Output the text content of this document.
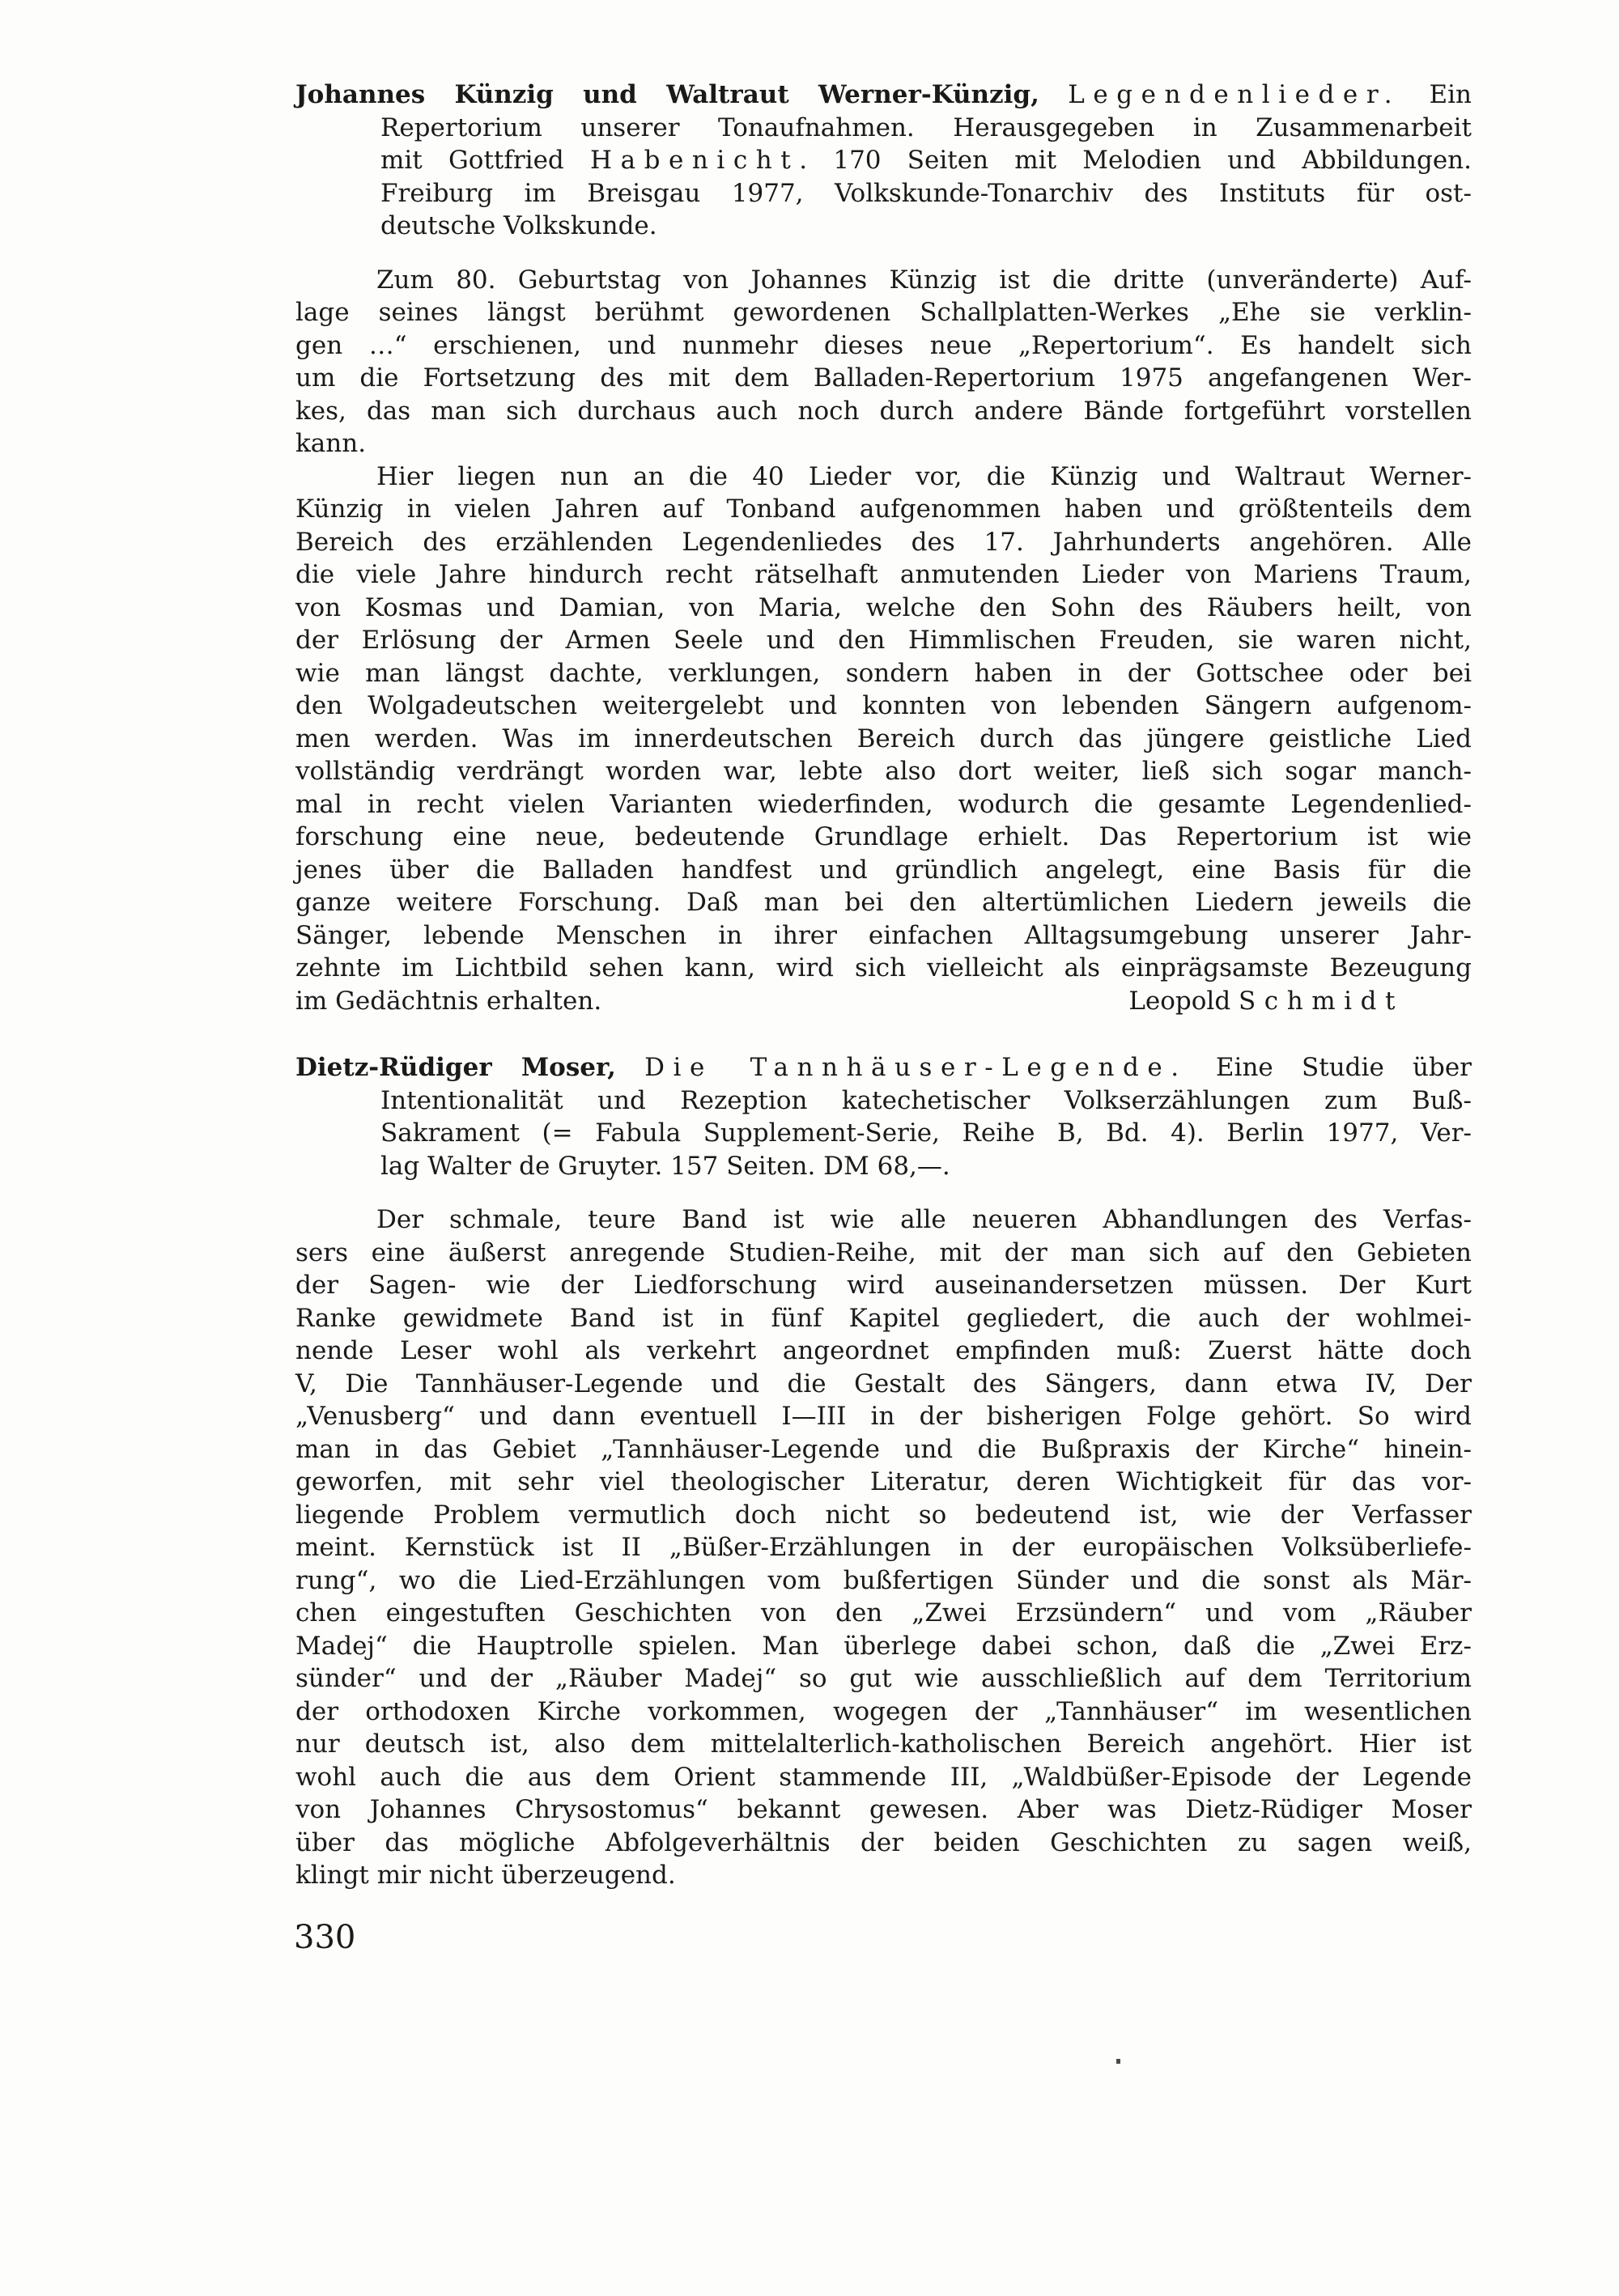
Johannes Künzig und Waltraut Werner-Künzig, Legendenlieder. Ein
Repertorium unserer Tonaufnahmen. Herausgegeben in Zusammenarbeit
mit Gottfried Habenicht. 170 Seiten mit Melodien und Abbildungen.
Freiburg im Breisgau 1977, Volkskunde-Tonarchiv des Instituts für ost-
deutsche Volkskunde.
Zum 80. Geburtstag von Johannes Künzig ist die dritte (unveränderte) Auf-
lage seines längst berühmt gewordenen Schallplatten-Werkes „Ehe sie verklin-
gen …“ erschienen, und nunmehr dieses neue „Repertorium“. Es handelt sich
um die Fortsetzung des mit dem Balladen-Repertorium 1975 angefangenen Wer-
kes, das man sich durchaus auch noch durch andere Bände fortgeführt vorstellen
kann.
Hier liegen nun an die 40 Lieder vor, die Künzig und Waltraut Werner-
Künzig in vielen Jahren auf Tonband aufgenommen haben und größtenteils dem
Bereich des erzählenden Legendenliedes des 17. Jahrhunderts angehören. Alle
die viele Jahre hindurch recht rätselhaft anmutenden Lieder von Mariens Traum,
von Kosmas und Damian, von Maria, welche den Sohn des Räubers heilt, von
der Erlösung der Armen Seele und den Himmlischen Freuden, sie waren nicht,
wie man längst dachte, verklungen, sondern haben in der Gottschee oder bei
den Wolgadeutschen weitergelebt und konnten von lebenden Sängern aufgenom-
men werden. Was im innerdeutschen Bereich durch das jüngere geistliche Lied
vollständig verdrängt worden war, lebte also dort weiter, ließ sich sogar manch-
mal in recht vielen Varianten wiederfinden, wodurch die gesamte Legendenlied-
forschung eine neue, bedeutende Grundlage erhielt. Das Repertorium ist wie
jenes über die Balladen handfest und gründlich angelegt, eine Basis für die
ganze weitere Forschung. Daß man bei den altertümlichen Liedern jeweils die
Sänger, lebende Menschen in ihrer einfachen Alltagsumgebung unserer Jahr-
zehnte im Lichtbild sehen kann, wird sich vielleicht als einprägsamste Bezeugung
im Gedächtnis erhalten.	Leopold Schmidt
Dietz-Rüdiger Moser, Die Tannhäuser-Legende. Eine Studie über
Intentionalität und Rezeption katechetischer Volkserzählungen zum Buß-
Sakrament (= Fabula Supplement-Serie, Reihe B, Bd. 4). Berlin 1977, Ver-
lag Walter de Gruyter. 157 Seiten. DM 68,—.
Der schmale, teure Band ist wie alle neueren Abhandlungen des Verfas-
sers eine äußerst anregende Studien-Reihe, mit der man sich auf den Gebieten
der Sagen- wie der Liedforschung wird auseinandersetzen müssen. Der Kurt
Ranke gewidmete Band ist in fünf Kapitel gegliedert, die auch der wohlmei-
nende Leser wohl als verkehrt angeordnet empfinden muß: Zuerst hätte doch
V, Die Tannhäuser-Legende und die Gestalt des Sängers, dann etwa IV, Der
„Venusberg“ und dann eventuell I—III in der bisherigen Folge gehört. So wird
man in das Gebiet „Tannhäuser-Legende und die Bußpraxis der Kirche“ hinein-
geworfen, mit sehr viel theologischer Literatur, deren Wichtigkeit für das vor-
liegende Problem vermutlich doch nicht so bedeutend ist, wie der Verfasser
meint. Kernstück ist II „Büßer-Erzählungen in der europäischen Volksüberliefe-
rung“, wo die Lied-Erzählungen vom bußfertigen Sünder und die sonst als Mär-
chen eingestuften Geschichten von den „Zwei Erzsündern“ und vom „Räuber
Madej“ die Hauptrolle spielen. Man überlege dabei schon, daß die „Zwei Erz-
sünder“ und der „Räuber Madej“ so gut wie ausschließlich auf dem Territorium
der orthodoxen Kirche vorkommen, wogegen der „Tannhäuser“ im wesentlichen
nur deutsch ist, also dem mittelalterlich-katholischen Bereich angehört. Hier ist
wohl auch die aus dem Orient stammende III, „Waldbüßer-Episode der Legende
von Johannes Chrysostomus“ bekannt gewesen. Aber was Dietz-Rüdiger Moser
über das mögliche Abfolgeverhältnis der beiden Geschichten zu sagen weiß,
klingt mir nicht überzeugend.
330
